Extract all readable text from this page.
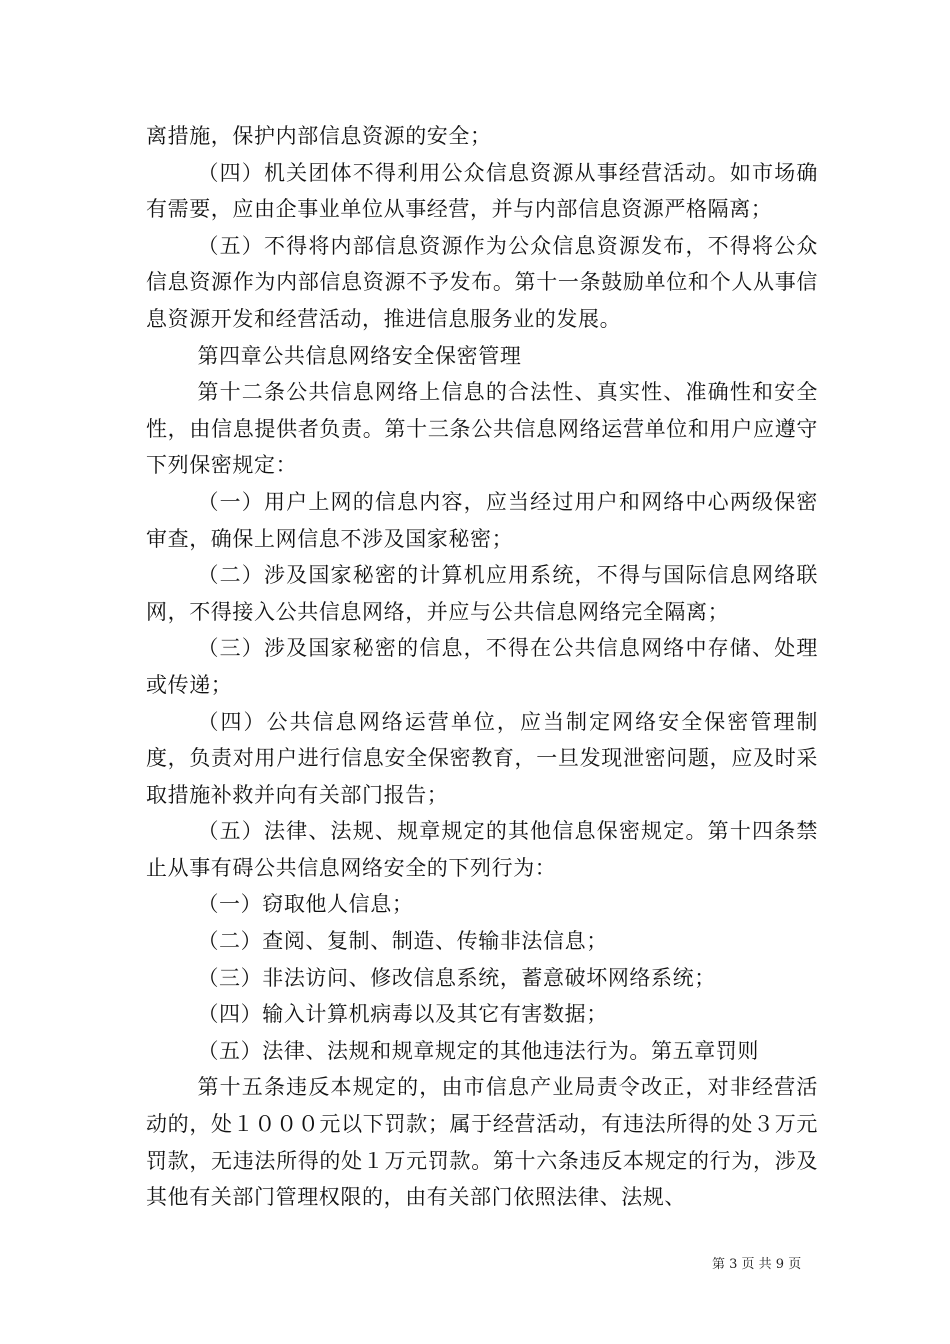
离措施，保护内部信息资源的安全；

（四）机关团体不得利用公众信息资源从事经营活动。如市场确有需要，应由企事业单位从事经营，并与内部信息资源严格隔离；

（五）不得将内部信息资源作为公众信息资源发布，不得将公众信息资源作为内部信息资源不予发布。第十一条鼓励单位和个人从事信息资源开发和经营活动，推进信息服务业的发展。

第四章公共信息网络安全保密管理

第十二条公共信息网络上信息的合法性、真实性、准确性和安全性，由信息提供者负责。第十三条公共信息网络运营单位和用户应遵守下列保密规定：

（一）用户上网的信息内容，应当经过用户和网络中心两级保密审查，确保上网信息不涉及国家秘密；

（二）涉及国家秘密的计算机应用系统，不得与国际信息网络联网，不得接入公共信息网络，并应与公共信息网络完全隔离；

（三）涉及国家秘密的信息，不得在公共信息网络中存储、处理或传递；

（四）公共信息网络运营单位，应当制定网络安全保密管理制度，负责对用户进行信息安全保密教育，一旦发现泄密问题，应及时采取措施补救并向有关部门报告；

（五）法律、法规、规章规定的其他信息保密规定。第十四条禁止从事有碍公共信息网络安全的下列行为：

（一）窃取他人信息；

（二）查阅、复制、制造、传输非法信息；

（三）非法访问、修改信息系统，蓄意破坏网络系统；

（四）输入计算机病毒以及其它有害数据；

（五）法律、法规和规章规定的其他违法行为。第五章罚则

第十五条违反本规定的，由市信息产业局责令改正，对非经营活动的，处１０００元以下罚款；属于经营活动，有违法所得的处３万元罚款，无违法所得的处１万元罚款。第十六条违反本规定的行为，涉及其他有关部门管理权限的，由有关部门依照法律、法规、

第 3 页 共 9 页
